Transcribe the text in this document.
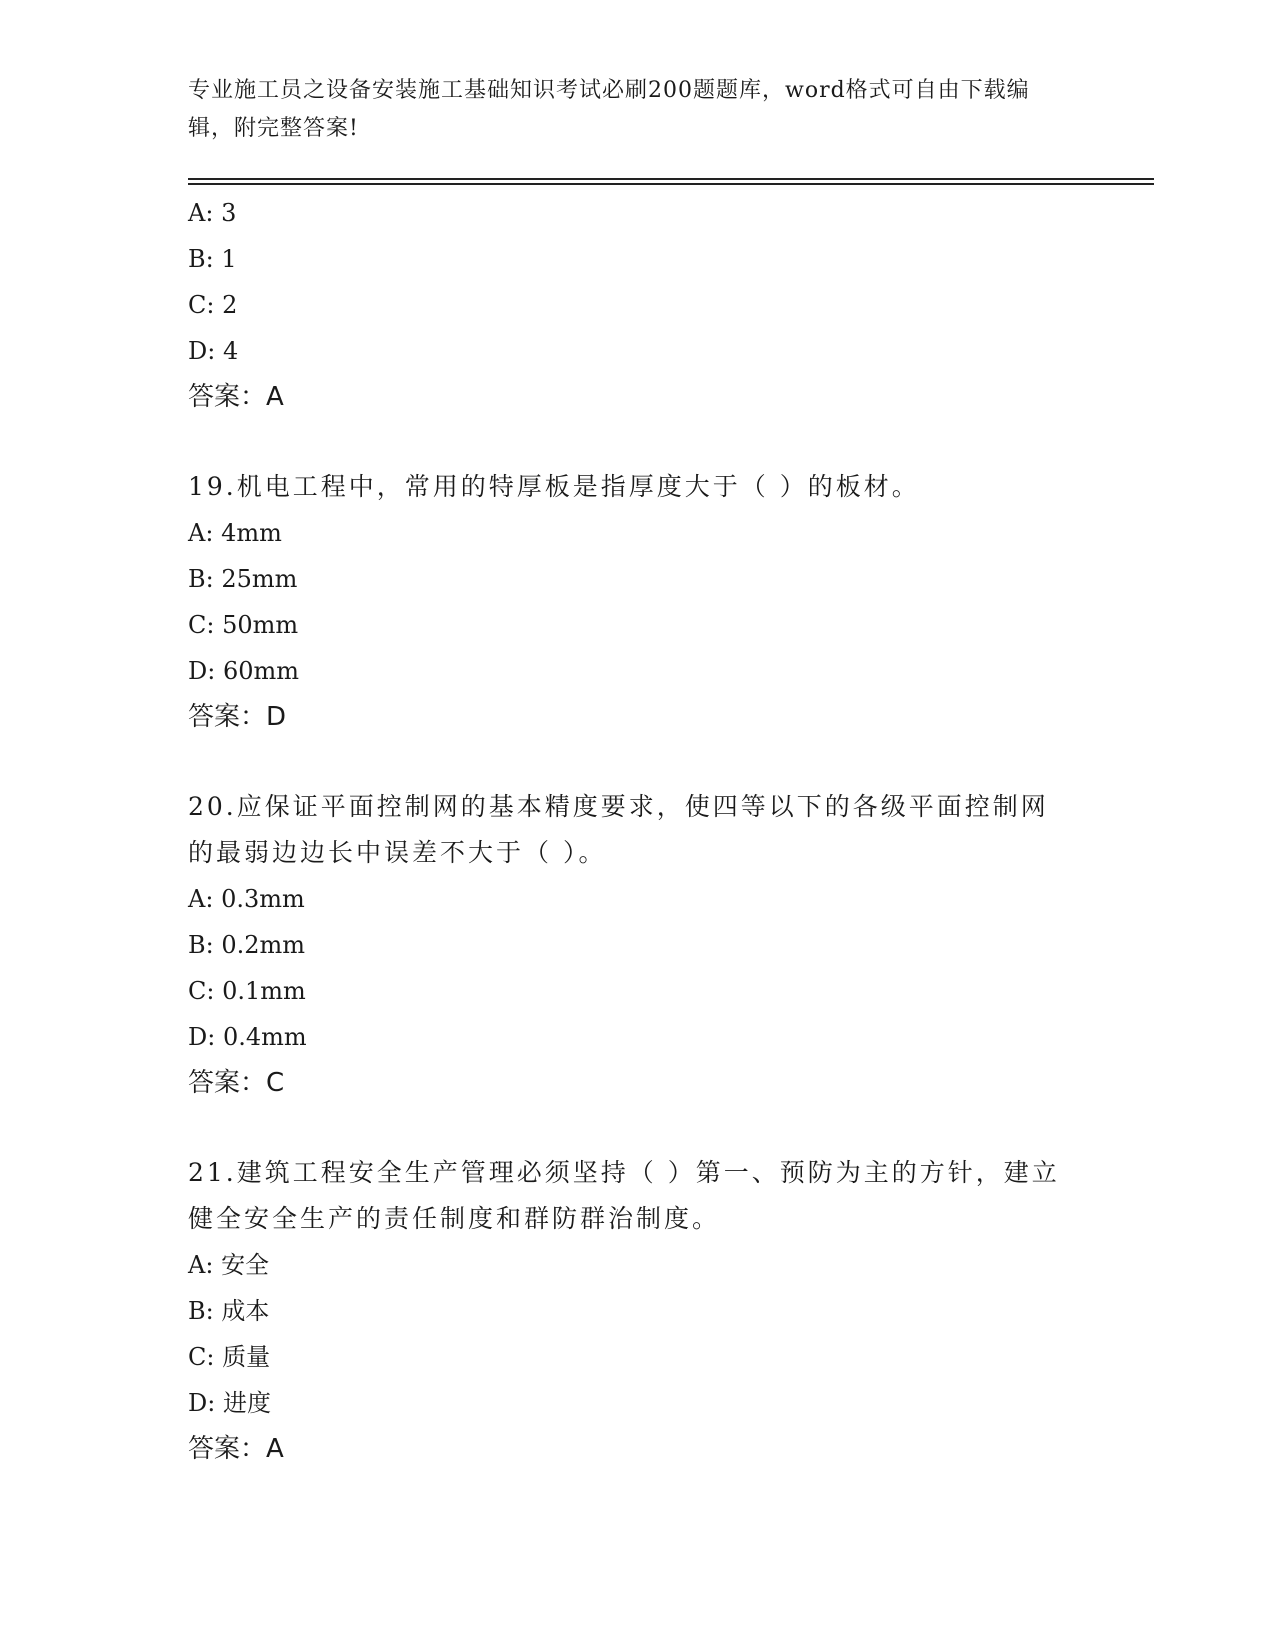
专业施工员之设备安装施工基础知识考试必刷200题题库，word格式可自由下载编辑，附完整答案!
A: 3
B: 1
C: 2
D: 4
答案：A
19.机电工程中，常用的特厚板是指厚度大于（ ）的板材。
A: 4mm
B: 25mm
C: 50mm
D: 60mm
答案：D
20.应保证平面控制网的基本精度要求，使四等以下的各级平面控制网的最弱边边长中误差不大于（ ）。
A: 0.3mm
B: 0.2mm
C: 0.1mm
D: 0.4mm
答案：C
21.建筑工程安全生产管理必须坚持（ ）第一、预防为主的方针，建立健全安全生产的责任制度和群防群治制度。
A: 安全
B: 成本
C: 质量
D: 进度
答案：A
